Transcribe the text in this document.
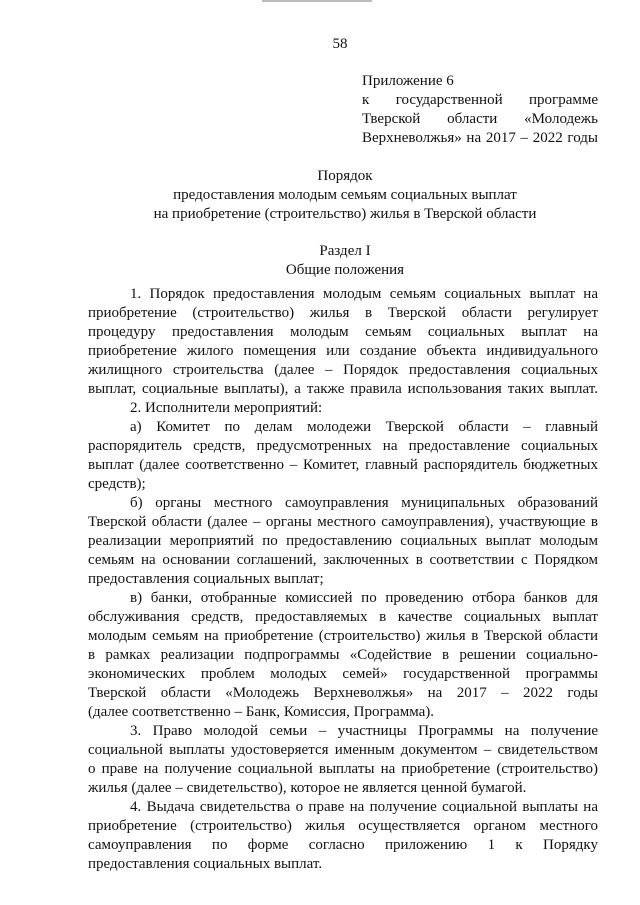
58
Приложение 6
к государственной программе
Тверской области «Молодежь
Верхневолжья» на 2017 – 2022 годы
Порядок
предоставления молодым семьям социальных выплат
на приобретение (строительство) жилья в Тверской области
Раздел I
Общие положения
1. Порядок предоставления молодым семьям социальных выплат на
приобретение (строительство) жилья в Тверской области регулирует
процедуру предоставления молодым семьям социальных выплат на
приобретение жилого помещения или создание объекта индивидуального
жилищного строительства (далее – Порядок предоставления социальных
выплат, социальные выплаты), а также правила использования таких выплат.
2. Исполнители мероприятий:
а) Комитет по делам молодежи Тверской области – главный
распорядитель средств, предусмотренных на предоставление социальных
выплат (далее соответственно – Комитет, главный распорядитель бюджетных
средств);
б) органы местного самоуправления муниципальных образований
Тверской области (далее – органы местного самоуправления), участвующие в
реализации мероприятий по предоставлению социальных выплат молодым
семьям на основании соглашений, заключенных в соответствии с Порядком
предоставления социальных выплат;
в) банки, отобранные комиссией по проведению отбора банков для
обслуживания средств, предоставляемых в качестве социальных выплат
молодым семьям на приобретение (строительство) жилья в Тверской области
в рамках реализации подпрограммы «Содействие в решении социально-
экономических проблем молодых семей» государственной программы
Тверской области «Молодежь Верхневолжья» на 2017 – 2022 годы
(далее соответственно – Банк, Комиссия, Программа).
3. Право молодой семьи – участницы Программы на получение
социальной выплаты удостоверяется именным документом – свидетельством
о праве на получение социальной выплаты на приобретение (строительство)
жилья (далее – свидетельство), которое не является ценной бумагой.
4. Выдача свидетельства о праве на получение социальной выплаты на
приобретение (строительство) жилья осуществляется органом местного
самоуправления по форме согласно приложению 1 к Порядку
предоставления социальных выплат.
